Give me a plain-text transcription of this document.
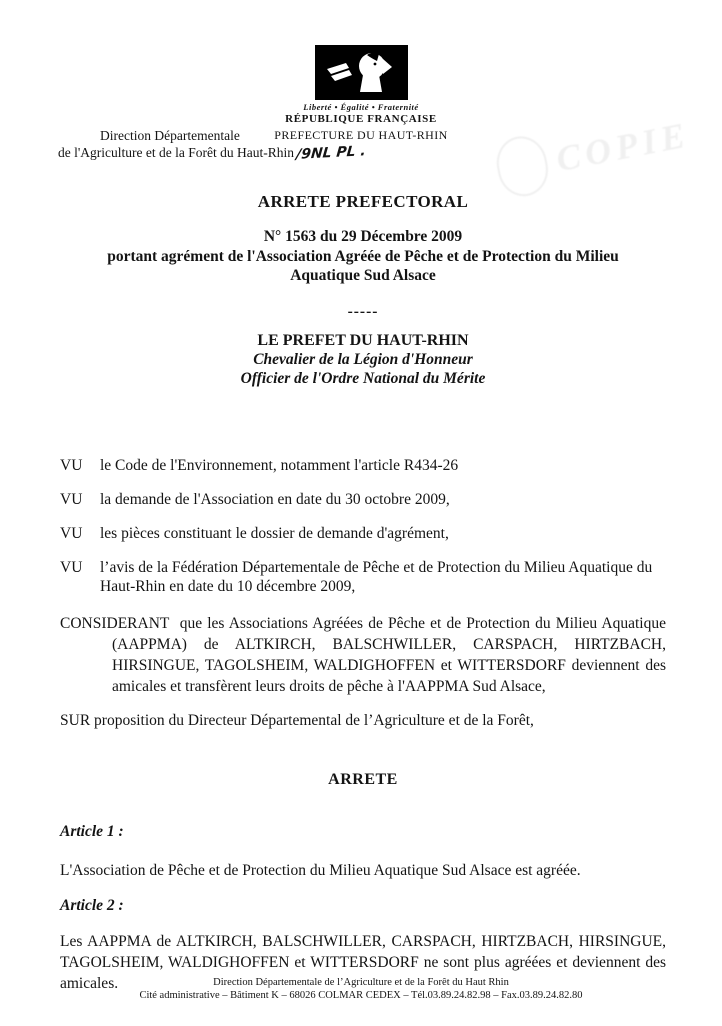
Liberté • Égalité • Fraternité
RÉPUBLIQUE FRANÇAISE
PREFECTURE DU HAUT-RHIN
Direction Départementale
de l'Agriculture et de la Forêt du Haut-Rhin/9NL PL .	COPIE
ARRETE PREFECTORAL
N° 1563 du 29 Décembre 2009
portant agrément de l'Association Agréée de Pêche et de Protection du Milieu Aquatique Sud Alsace
-----
LE PREFET DU HAUT-RHIN
Chevalier de la Légion d'Honneur
Officier de l'Ordre National du Mérite
VU	le Code de l'Environnement, notamment l'article R434-26
VU	la demande de l'Association en date du 30 octobre 2009,
VU	les pièces constituant le dossier de demande d'agrément,
VU	l’avis de la Fédération Départementale de Pêche et de Protection du Milieu Aquatique du Haut-Rhin en date du 10 décembre 2009,

CONSIDERANT que les Associations Agréées de Pêche et de Protection du Milieu Aquatique (AAPPMA) de ALTKIRCH, BALSCHWILLER, CARSPACH, HIRTZBACH, HIRSINGUE, TAGOLSHEIM, WALDIGHOFFEN et WITTERSDORF deviennent des amicales et transfèrent leurs droits de pêche à l'AAPPMA Sud Alsace,

SUR proposition du Directeur Départemental de l’Agriculture et de la Forêt,

ARRETE
Article 1 :
L'Association de Pêche et de Protection du Milieu Aquatique Sud Alsace est agréée.
Article 2 :
Les AAPPMA de ALTKIRCH, BALSCHWILLER, CARSPACH, HIRTZBACH, HIRSINGUE, TAGOLSHEIM, WALDIGHOFFEN et WITTERSDORF ne sont plus agréées et deviennent des amicales.	Direction Départementale de l’Agriculture et de la Forêt du Haut Rhin
Cité administrative – Bâtiment K – 68026 COLMAR CEDEX – Tél.03.89.24.82.98 – Fax.03.89.24.82.80
